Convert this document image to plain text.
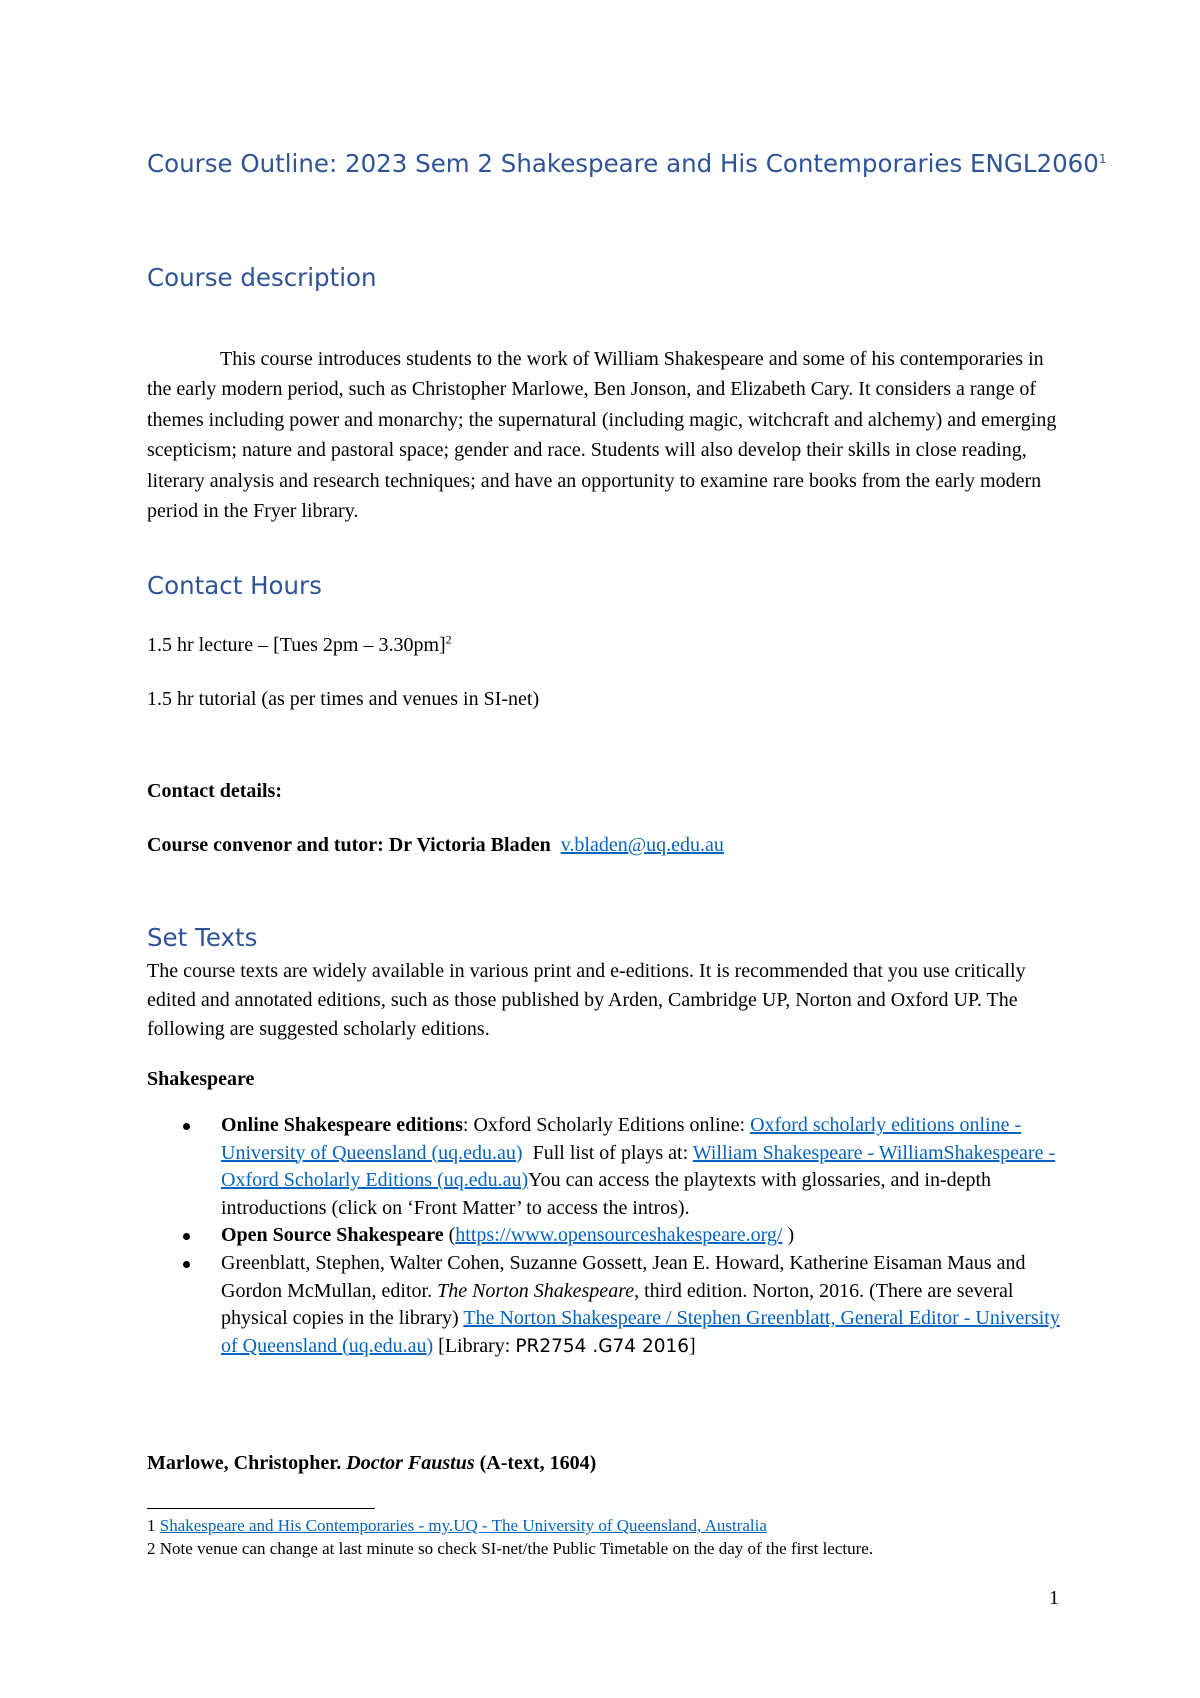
Course Outline: 2023 Sem 2 Shakespeare and His Contemporaries ENGL2060$^1$
Course description

This course introduces students to the work of William Shakespeare and some of his contemporaries in the early modern period, such as Christopher Marlowe, Ben Jonson, and Elizabeth Cary. It considers a range of themes including power and monarchy; the supernatural (including magic, witchcraft and alchemy) and emerging scepticism; nature and pastoral space; gender and race. Students will also develop their skills in close reading, literary analysis and research techniques; and have an opportunity to examine rare books from the early modern period in the Fryer library.

Contact Hours

1.5 hr lecture – [Tues 2pm – 3.30pm]$^2$

1.5 hr tutorial (as per times and venues in SI-net)

Contact details:

Course convenor and tutor: Dr Victoria Bladen v.bladen@uq.edu.au

Set Texts

The course texts are widely available in various print and e-editions. It is recommended that you use critically edited and annotated editions, such as those published by Arden, Cambridge UP, Norton and Oxford UP. The following are suggested scholarly editions.

Shakespeare

Online Shakespeare editions: Oxford Scholarly Editions online: Oxford scholarly editions online - University of Queensland (uq.edu.au)  Full list of plays at: William Shakespeare - WilliamShakespeare - Oxford Scholarly Editions (uq.edu.au)You can access the playtexts with glossaries, and in-depth introductions (click on ‘Front Matter’ to access the intros).
Open Source Shakespeare (https://www.opensourceshakespeare.org/ )
Greenblatt, Stephen, Walter Cohen, Suzanne Gossett, Jean E. Howard, Katherine Eisaman Maus and Gordon McMullan, editor. The Norton Shakespeare, third edition. Norton, 2016. (There are several physical copies in the library) The Norton Shakespeare / Stephen Greenblatt, General Editor - University of Queensland (uq.edu.au) [Library: PR2754 .G74 2016]

Marlowe, Christopher. Doctor Faustus (A-text, 1604)

1 Shakespeare and His Contemporaries - my.UQ - The University of Queensland, Australia

2 Note venue can change at last minute so check SI-net/the Public Timetable on the day of the first lecture.

1
